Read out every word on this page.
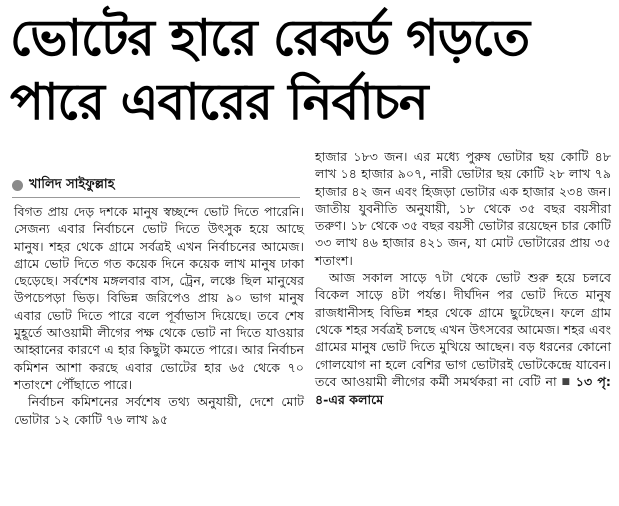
ভোটের হারে রেকর্ড গড়তে
পারে এবারের নির্বাচন
খালিদ সাইফুল্লাহ

বিগত প্রায় দেড় দশকে মানুষ স্বচ্ছন্দে ভোট দিতে পারেনি। সেজন্য এবার নির্বাচনে ভোট দিতে উৎসুক হয়ে আছে মানুষ। শহর থেকে গ্রামে সর্বত্রই এখন নির্বাচনের আমেজ। গ্রামে ভোট দিতে গত কয়েক দিনে কয়েক লাখ মানুষ ঢাকা ছেড়েছে। সর্বশেষ মঙ্গলবার বাস, ট্রেন, লঞ্চে ছিল মানুষের উপচেপড়া ভিড়। বিভিন্ন জরিপেও প্রায় ৯০ ভাগ মানুষ এবার ভোট দিতে পারে বলে পূর্বাভাস দিয়েছে। তবে শেষ মুহূর্তে আওয়ামী লীগের পক্ষ থেকে ভোট না দিতে যাওয়ার আহ্বানের কারণে এ হার কিছুটা কমতে পারে। আর নির্বাচন কমিশন আশা করছে এবার ভোটের হার ৬৫ থেকে ৭০ শতাংশে পৌঁছাতে পারে।

নির্বাচন কমিশনের সর্বশেষ তথ্য অনুযায়ী, দেশে মোট ভোটার ১২ কোটি ৭৬ লাখ ৯৫

হাজার ১৮৩ জন। এর মধ্যে পুরুষ ভোটার ছয় কোটি ৪৮ লাখ ১৪ হাজার ৯০৭, নারী ভোটার ছয় কোটি ২৮ লাখ ৭৯ হাজার ৪২ জন এবং হিজড়া ভোটার এক হাজার ২৩৪ জন। জাতীয় যুবনীতি অনুযায়ী, ১৮ থেকে ৩৫ বছর বয়সীরা তরুণ। ১৮ থেকে ৩৫ বছর বয়সী ভোটার রয়েছেন চার কোটি ৩৩ লাখ ৪৬ হাজার ৪২১ জন, যা মোট ভোটারের প্রায় ৩৫ শতাংশ।

আজ সকাল সাড়ে ৭টা থেকে ভোট শুরু হয়ে চলবে বিকেল সাড়ে ৪টা পর্যন্ত। দীর্ঘদিন পর ভোট দিতে মানুষ রাজধানীসহ বিভিন্ন শহর থেকে গ্রামে ছুটেছেন। ফলে গ্রাম থেকে শহর সর্বত্রই চলছে এখন উৎসবের আমেজ। শহর এবং গ্রামের মানুষ ভোট দিতে মুখিয়ে আছেন। বড় ধরনের কোনো গোলযোগ না হলে বেশির ভাগ ভোটারই ভোটকেন্দ্রে যাবেন। তবে আওয়ামী লীগের কর্মী সমর্থকরা না বেটি না ■ ১৩ পৃ: ৪-এর কলামে
